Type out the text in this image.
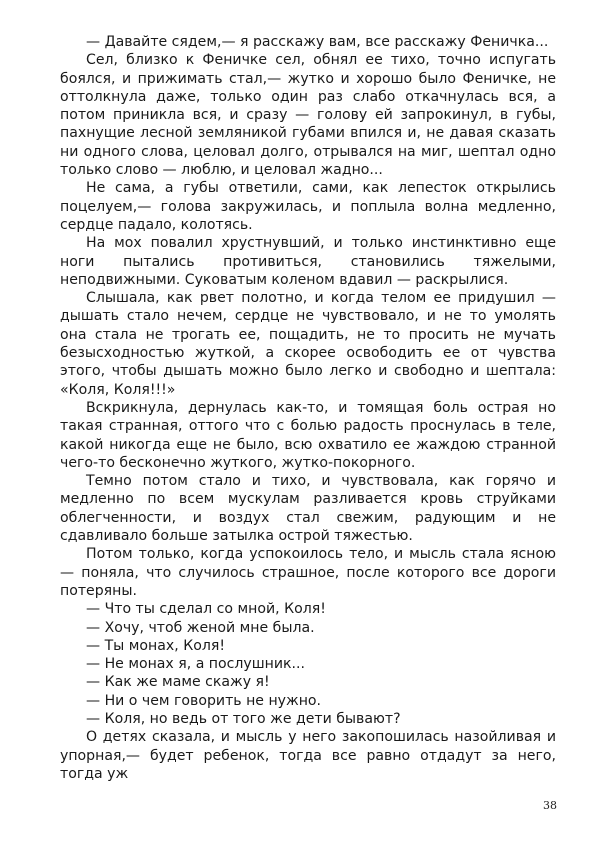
— Давайте сядем,— я расскажу вам, все расскажу Феничка...

Сел, близко к Феничке сел, обнял ее тихо, точно испугать боялся, и прижимать стал,— жутко и хорошо было Феничке, не оттолкнула даже, только один раз слабо откачнулась вся, а потом приникла вся, и сразу — голову ей запрокинул, в губы, пахнущие лесной земляникой губами впился и, не давая сказать ни одного слова, целовал долго, отрывался на миг, шептал одно только слово — люблю, и целовал жадно...

Не сама, а губы ответили, сами, как лепесток открылись поцелуем,— голова закружилась, и поплыла волна медленно, сердце падало, колотясь.

На мох повалил хрустнувший, и только инстинктивно еще ноги пытались противиться, становились тяжелыми, неподвижными. Суковатым коленом вдавил — раскрылися.

Слышала, как рвет полотно, и когда телом ее придушил — дышать стало нечем, сердце не чувствовало, и не то умолять она стала не трогать ее, пощадить, не то просить не мучать безысходностью жуткой, а скорее освободить ее от чувства этого, чтобы дышать можно было легко и свободно и шептала: «Коля, Коля!!!»

Вскрикнула, дернулась как-то, и томящая боль острая но такая странная, оттого что с болью радость проснулась в теле, какой никогда еще не было, всю охватило ее жаждою странной чего-то бесконечно жуткого, жутко-покорного.

Темно потом стало и тихо, и чувствовала, как горячо и медленно по всем мускулам разливается кровь струйками облегченности, и воздух стал свежим, радующим и не сдавливало больше затылка острой тяжестью.

Потом только, когда успокоилось тело, и мысль стала ясною — поняла, что случилось страшное, после которого все дороги потеряны.

— Что ты сделал со мной, Коля!

— Хочу, чтоб женой мне была.

— Ты монах, Коля!

— Не монах я, а послушник...

— Как же маме скажу я!

— Ни о чем говорить не нужно.

— Коля, но ведь от того же дети бывают?

О детях сказала, и мысль у него закопошилась назойливая и упорная,— будет ребенок, тогда все равно отдадут за него, тогда уж

38
